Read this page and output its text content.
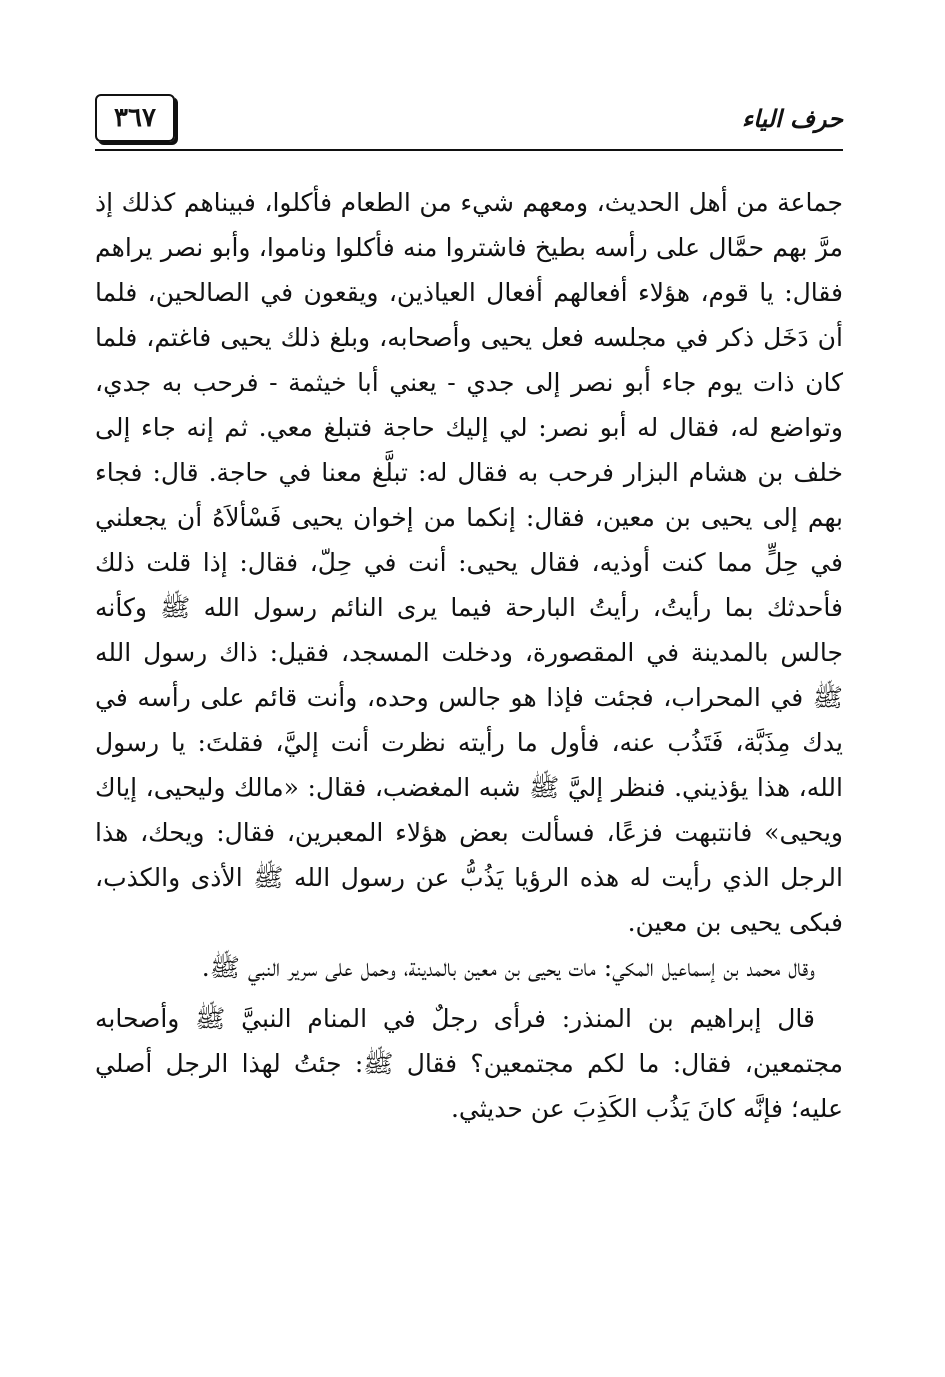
٣٦٧	حرف الياء

جماعة من أهل الحديث، ومعهم شيء من الطعام فأكلوا، فبيناهم كذلك إذ مرَّ بهم حمَّال على رأسه بطيخ فاشتروا منه فأكلوا وناموا، وأبو نصر يراهم فقال: يا قوم، هؤلاء أفعالهم أفعال العياذين، ويقعون في الصالحين، فلما أن دَخَل ذكر في مجلسه فعل يحيى وأصحابه، وبلغ ذلك يحيى فاغتم، فلما كان ذات يوم جاء أبو نصر إلى جدي - يعني أبا خيثمة - فرحب به جدي، وتواضع له، فقال له أبو نصر: لي إليك حاجة فتبلغ معي. ثم إنه جاء إلى خلف بن هشام البزار فرحب به فقال له: تبلَّغ معنا في حاجة. قال: فجاء بهم إلى يحيى بن معين، فقال: إنكما من إخوان يحيى فَسْألاَهُ أن يجعلني في حِلٍّ مما كنت أوذيه، فقال يحيى: أنت في حِلّ، فقال: إذا قلت ذلك فأحدثك بما رأيتُ، رأيتُ البارحة فيما يرى النائم رسول الله ﷺ وكأنه جالس بالمدينة في المقصورة، ودخلت المسجد، فقيل: ذاك رسول الله ﷺ في المحراب، فجئت فإذا هو جالس وحده، وأنت قائم على رأسه في يدك مِذَبَّة، فَتَذُب عنه، فأول ما رأيته نظرت أنت إليَّ، فقلتَ: يا رسول الله، هذا يؤذيني. فنظر إليَّ ﷺ شبه المغضب، فقال: «مالك وليحيى، إياك ويحيى» فانتبهت فزعًا، فسألت بعض هؤلاء المعبرين، فقال: ويحك، هذا الرجل الذي رأيت له هذه الرؤيا يَذُبُّ عن رسول الله ﷺ الأذى والكذب، فبكى يحيى بن معين.

وقال محمد بن إسماعيل المكي: مات يحيى بن معين بالمدينة، وحمل على سرير النبي ﷺ.

قال إبراهيم بن المنذر: فرأى رجلٌ في المنام النبيَّ ﷺ وأصحابه مجتمعين، فقال: ما لكم مجتمعين؟ فقال ﷺ: جئتُ لهذا الرجل أصلي عليه؛ فإنَّه كانَ يَذُب الكَذِبَ عن حديثي.
